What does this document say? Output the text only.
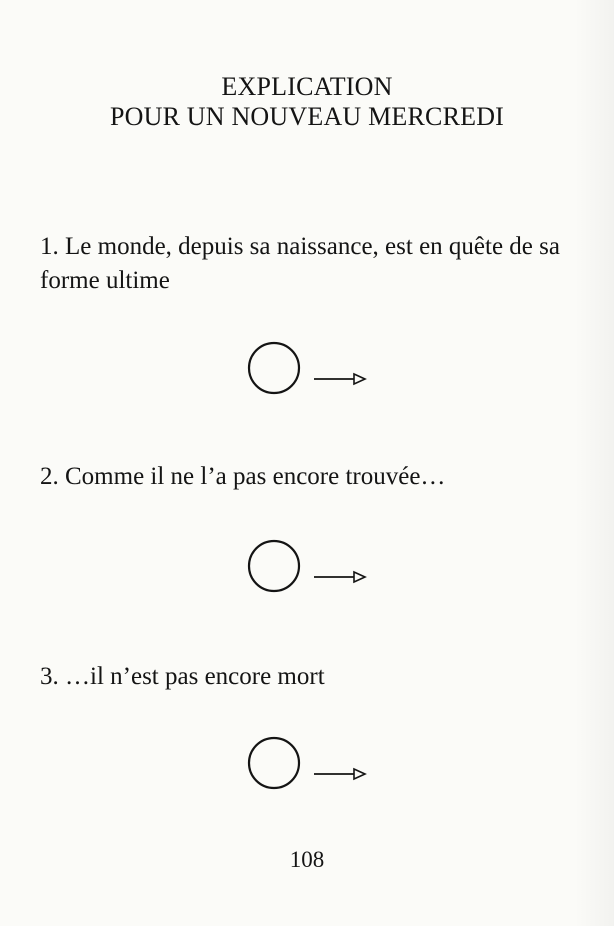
EXPLICATION
POUR UN NOUVEAU MERCREDI
1. Le monde, depuis sa naissance, est en quête de sa forme ultime
2. Comme il ne l’a pas encore trouvée…
3. …il n’est pas encore mort
108
